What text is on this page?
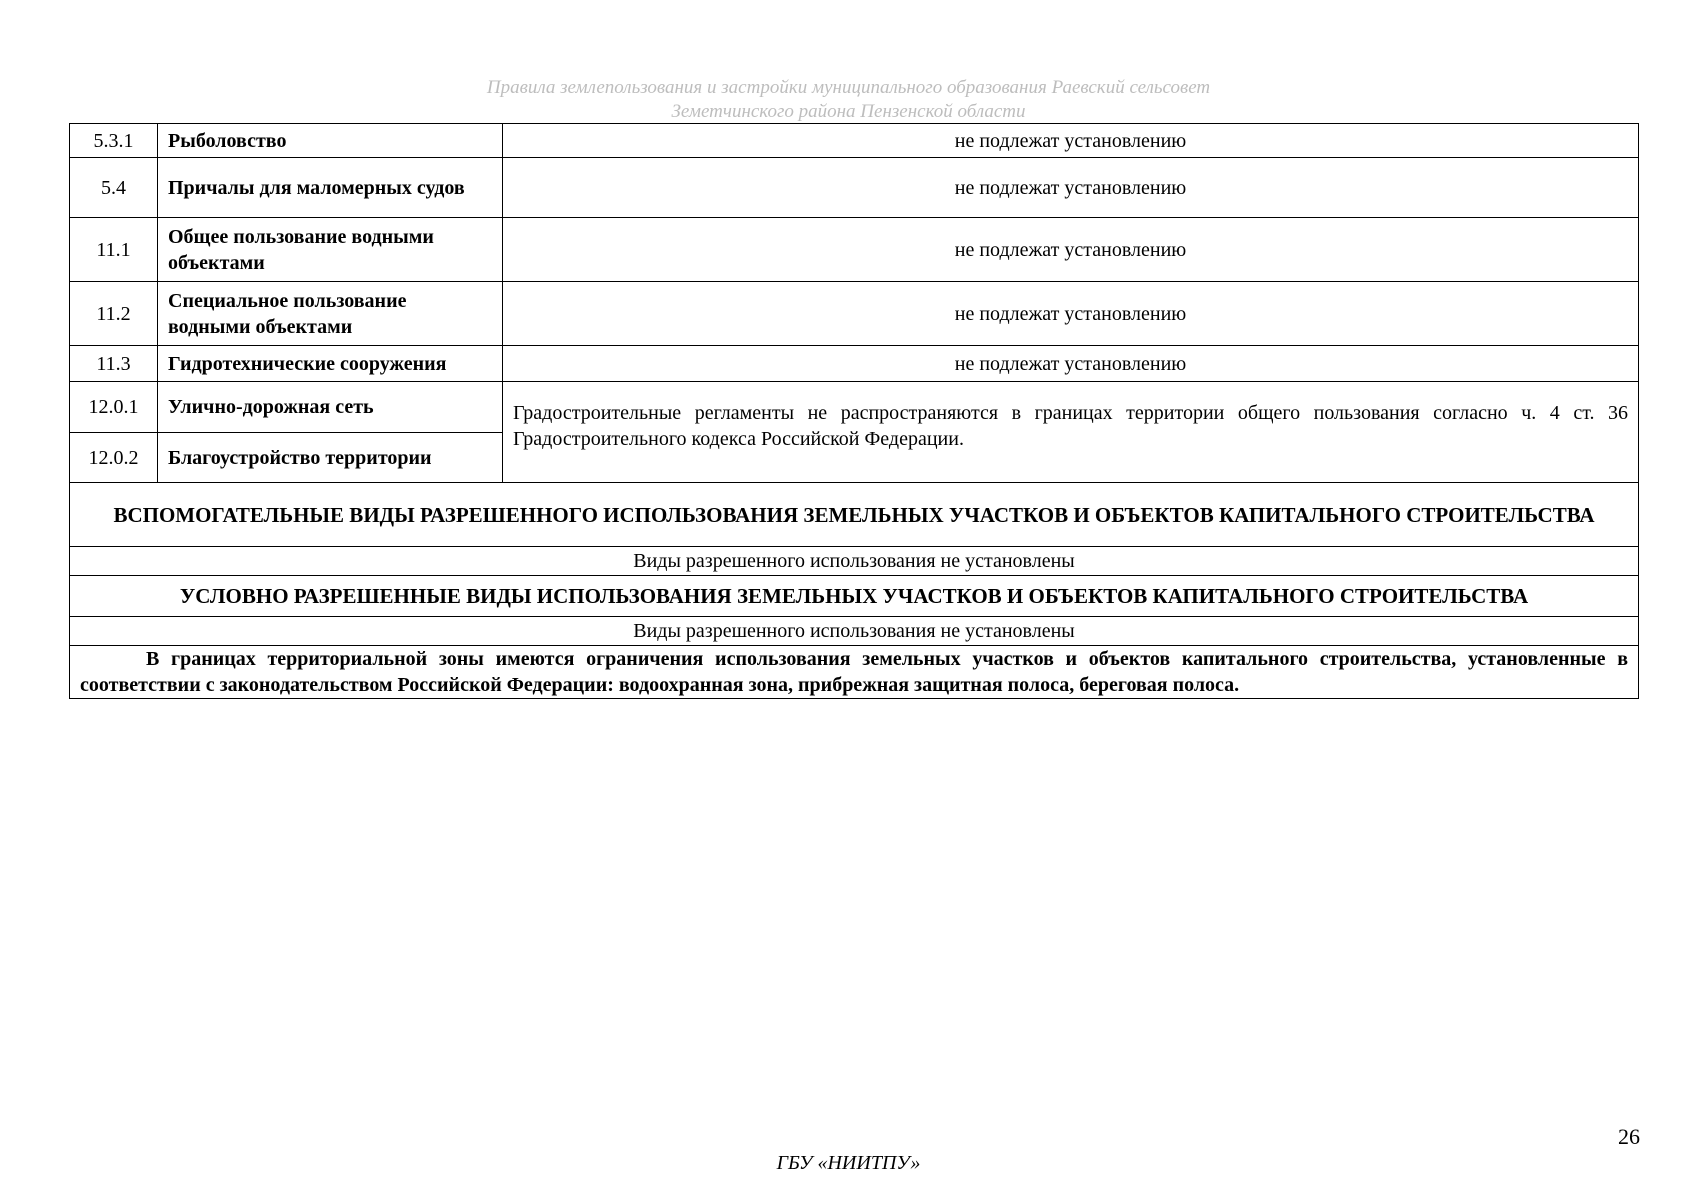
Правила землепользования и застройки муниципального образования Раевский сельсовет
Земетчинского района Пензенской области
5.3.1	Рыболовство	не подлежат установлению
5.4	Причалы для маломерных судов	не подлежат установлению
11.1	Общее пользование водными объектами	не подлежат установлению
11.2	Специальное пользование водными объектами	не подлежат установлению
11.3	Гидротехнические сооружения	не подлежат установлению
12.0.1	Улично-дорожная сеть	Градостроительные регламенты не распространяются в границах территории общего пользования согласно ч. 4 ст. 36 Градостроительного кодекса Российской Федерации.

12.0.2	Благоустройство территории	
ВСПОМОГАТЕЛЬНЫЕ ВИДЫ РАЗРЕШЕННОГО ИСПОЛЬЗОВАНИЯ ЗЕМЕЛЬНЫХ УЧАСТКОВ И ОБЪЕКТОВ КАПИТАЛЬНОГО СТРОИТЕЛЬСТВА		
Виды разрешенного использования не установлены		
УСЛОВНО РАЗРЕШЕННЫЕ ВИДЫ ИСПОЛЬЗОВАНИЯ ЗЕМЕЛЬНЫХ УЧАСТКОВ И ОБЪЕКТОВ КАПИТАЛЬНОГО СТРОИТЕЛЬСТВА		
Виды разрешенного использования не установлены		
В границах территориальной зоны имеются ограничения использования земельных участков и объектов капитального строительства, установленные в соответствии с законодательством Российской Федерации: водоохранная зона, прибрежная защитная полоса, береговая полоса.		
26
ГБУ «НИИТПУ»
